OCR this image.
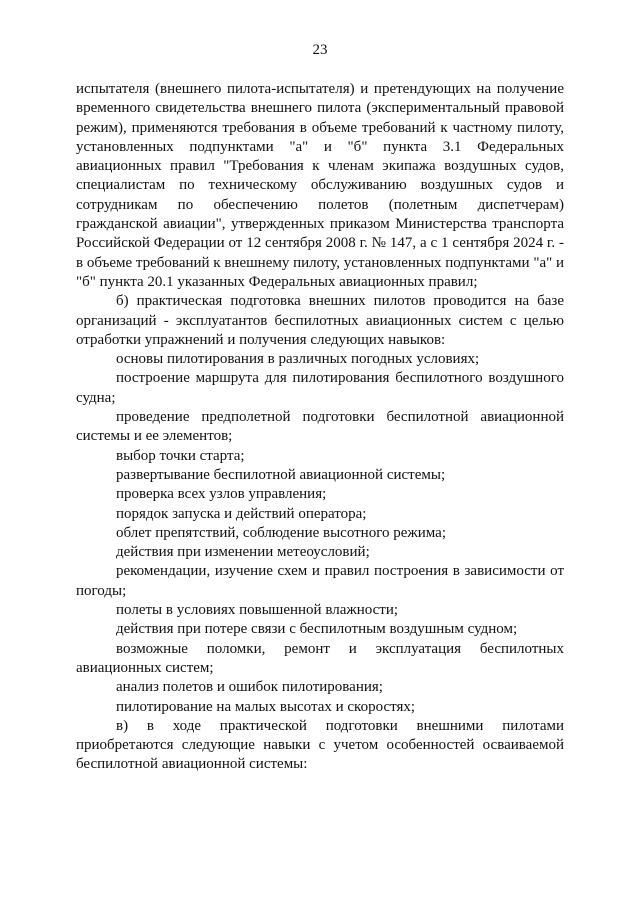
23

испытателя (внешнего пилота-испытателя) и претендующих на получение временного свидетельства внешнего пилота (экспериментальный правовой режим), применяются требования в объеме требований к частному пилоту, установленных подпунктами "а" и "б" пункта 3.1 Федеральных авиационных правил "Требования к членам экипажа воздушных судов, специалистам по техническому обслуживанию воздушных судов и сотрудникам по обеспечению полетов (полетным диспетчерам) гражданской авиации", утвержденных приказом Министерства транспорта Российской Федерации от 12 сентября 2008 г. № 147, а с 1 сентября 2024 г. - в объеме требований к внешнему пилоту, установленных подпунктами "а" и "б" пункта 20.1 указанных Федеральных авиационных правил;

б) практическая подготовка внешних пилотов проводится на базе организаций - эксплуатантов беспилотных авиационных систем с целью отработки упражнений и получения следующих навыков:

основы пилотирования в различных погодных условиях;

построение маршрута для пилотирования беспилотного воздушного судна;

проведение предполетной подготовки беспилотной авиационной системы и ее элементов;

выбор точки старта;

развертывание беспилотной авиационной системы;

проверка всех узлов управления;

порядок запуска и действий оператора;

облет препятствий, соблюдение высотного режима;

действия при изменении метеоусловий;

рекомендации, изучение схем и правил построения в зависимости от погоды;

полеты в условиях повышенной влажности;

действия при потере связи с беспилотным воздушным судном;

возможные поломки, ремонт и эксплуатация беспилотных авиационных систем;

анализ полетов и ошибок пилотирования;

пилотирование на малых высотах и скоростях;

в) в ходе практической подготовки внешними пилотами приобретаются следующие навыки с учетом особенностей осваиваемой беспилотной авиационной системы:
